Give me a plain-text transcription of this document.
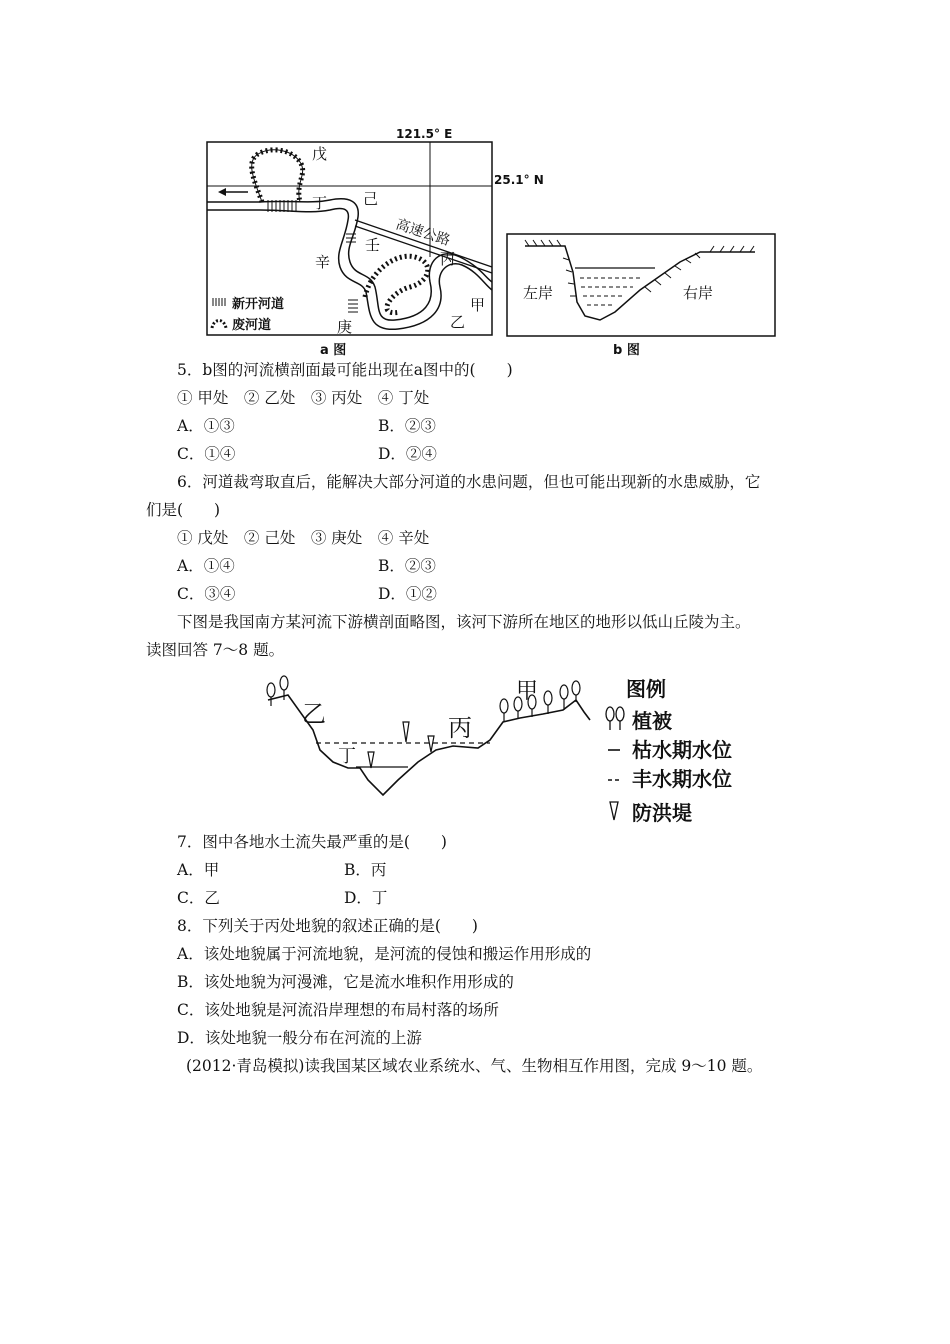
121.5° E
高速公路
戊
己
丁
辛
壬
丙
乙
甲
庚
新开河道
废河道
a 图
25.1° N
左岸	右岸
b 图
5．b图的河流横剖面最可能出现在a图中的(　　)
① 甲处　② 乙处　③ 丙处　④ 丁处
A．①③	B．②③
C．①④	D．②④
6．河道裁弯取直后，能解决大部分河道的水患问题，但也可能出现新的水患威胁，它
们是(　　)
① 戊处　② 己处　③ 庚处　④ 辛处
A．①④	B．②③
C．③④	D．①②
下图是我国南方某河流下游横剖面略图，该河下游所在地区的地形以低山丘陵为主。
读图回答 7～8 题。
乙
丁
丙
甲	图例
植被
枯水期水位
丰水期水位
防洪堤
7．图中各地水土流失最严重的是(　　)
A．甲	B．丙
C．乙	D．丁
8．下列关于丙处地貌的叙述正确的是(　　)
A．该处地貌属于河流地貌，是河流的侵蚀和搬运作用形成的
B．该处地貌为河漫滩，它是流水堆积作用形成的
C．该处地貌是河流沿岸理想的布局村落的场所
D．该处地貌一般分布在河流的上游
(2012·青岛模拟)读我国某区域农业系统水、气、生物相互作用图，完成 9～10 题。
